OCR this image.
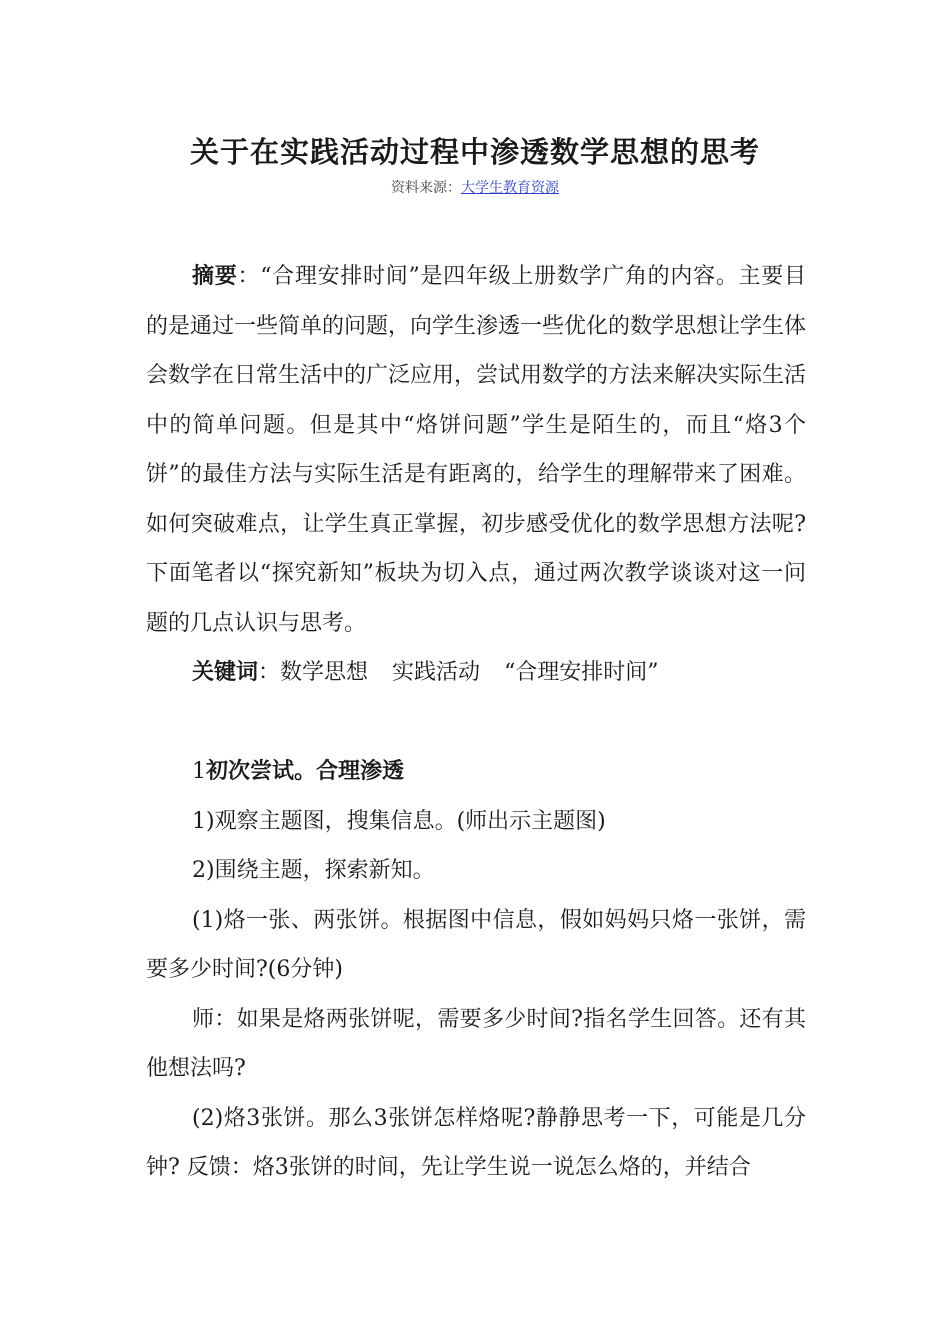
关于在实践活动过程中渗透数学思想的思考
资料来源：大学生教育资源

摘要：“合理安排时间”是四年级上册数学广角的内容。主要目的是通过一些简单的问题，向学生渗透一些优化的数学思想让学生体会数学在日常生活中的广泛应用，尝试用数学的方法来解决实际生活中的简单问题。但是其中“烙饼问题”学生是陌生的，而且“烙3个饼”的最佳方法与实际生活是有距离的，给学生的理解带来了困难。如何突破难点，让学生真正掌握，初步感受优化的数学思想方法呢?下面笔者以“探究新知”板块为切入点，通过两次教学谈谈对这一问题的几点认识与思考。

关键词：数学思想 实践活动 “合理安排时间”

1初次尝试。合理渗透

1)观察主题图，搜集信息。(师出示主题图)

2)围绕主题，探索新知。

(1)烙一张、两张饼。根据图中信息，假如妈妈只烙一张饼，需要多少时间?(6分钟)

师：如果是烙两张饼呢，需要多少时间?指名学生回答。还有其他想法吗?

(2)烙3张饼。那么3张饼怎样烙呢?静静思考一下，可能是几分钟? 反馈：烙3张饼的时间，先让学生说一说怎么烙的，并结合
